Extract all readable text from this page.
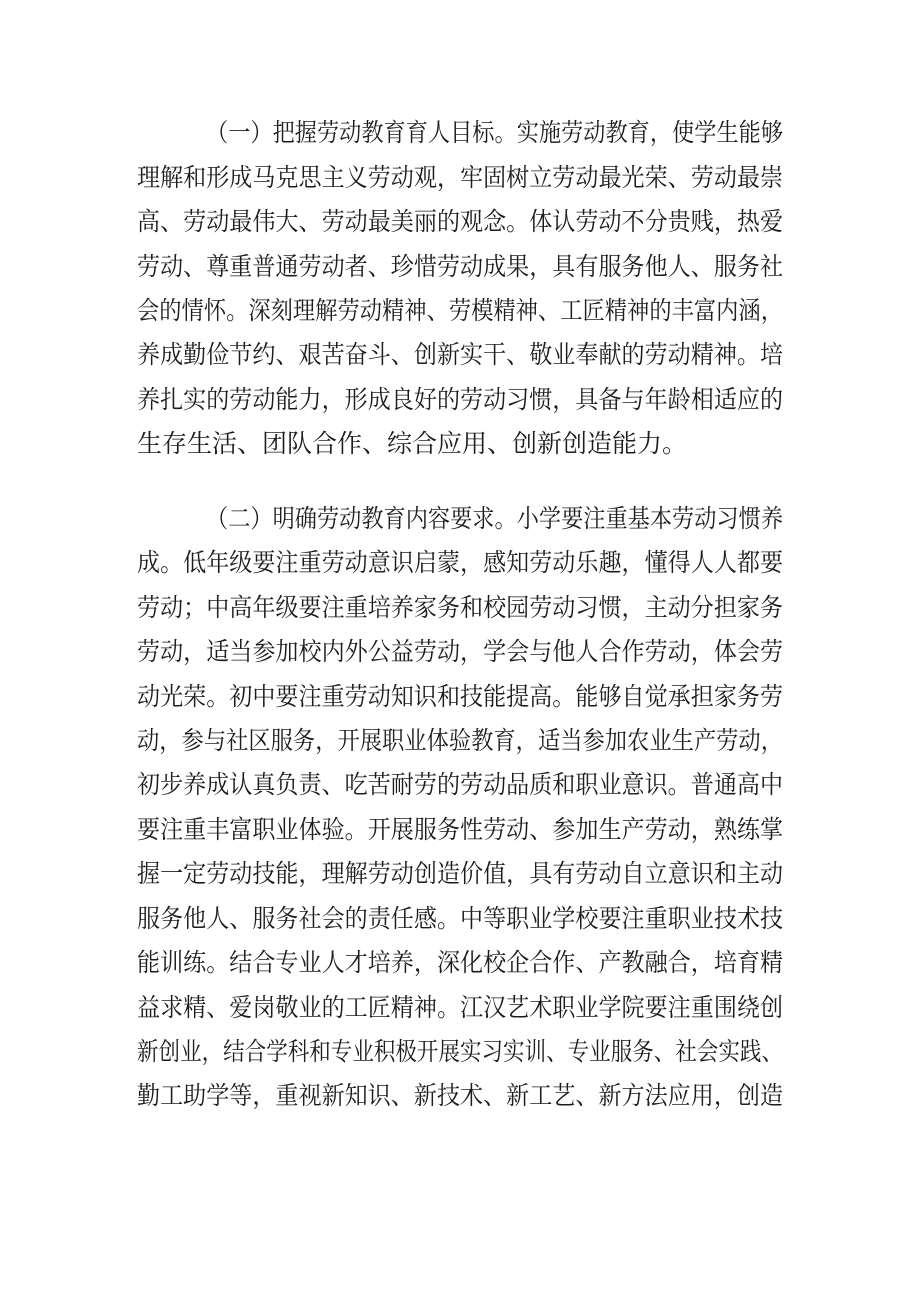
（一）把握劳动教育育人目标。实施劳动教育，使学生能够
理解和形成马克思主义劳动观，牢固树立劳动最光荣、劳动最崇
高、劳动最伟大、劳动最美丽的观念。体认劳动不分贵贱，热爱
劳动、尊重普通劳动者、珍惜劳动成果，具有服务他人、服务社
会的情怀。深刻理解劳动精神、劳模精神、工匠精神的丰富内涵，
养成勤俭节约、艰苦奋斗、创新实干、敬业奉献的劳动精神。培
养扎实的劳动能力，形成良好的劳动习惯，具备与年龄相适应的
生存生活、团队合作、综合应用、创新创造能力。
（二）明确劳动教育内容要求。小学要注重基本劳动习惯养
成。低年级要注重劳动意识启蒙，感知劳动乐趣，懂得人人都要
劳动；中高年级要注重培养家务和校园劳动习惯，主动分担家务
劳动，适当参加校内外公益劳动，学会与他人合作劳动，体会劳
动光荣。初中要注重劳动知识和技能提高。能够自觉承担家务劳
动，参与社区服务，开展职业体验教育，适当参加农业生产劳动，
初步养成认真负责、吃苦耐劳的劳动品质和职业意识。普通高中
要注重丰富职业体验。开展服务性劳动、参加生产劳动，熟练掌
握一定劳动技能，理解劳动创造价值，具有劳动自立意识和主动
服务他人、服务社会的责任感。中等职业学校要注重职业技术技
能训练。结合专业人才培养，深化校企合作、产教融合，培育精
益求精、爱岗敬业的工匠精神。江汉艺术职业学院要注重围绕创
新创业，结合学科和专业积极开展实习实训、专业服务、社会实践、
勤工助学等，重视新知识、新技术、新工艺、新方法应用，创造
